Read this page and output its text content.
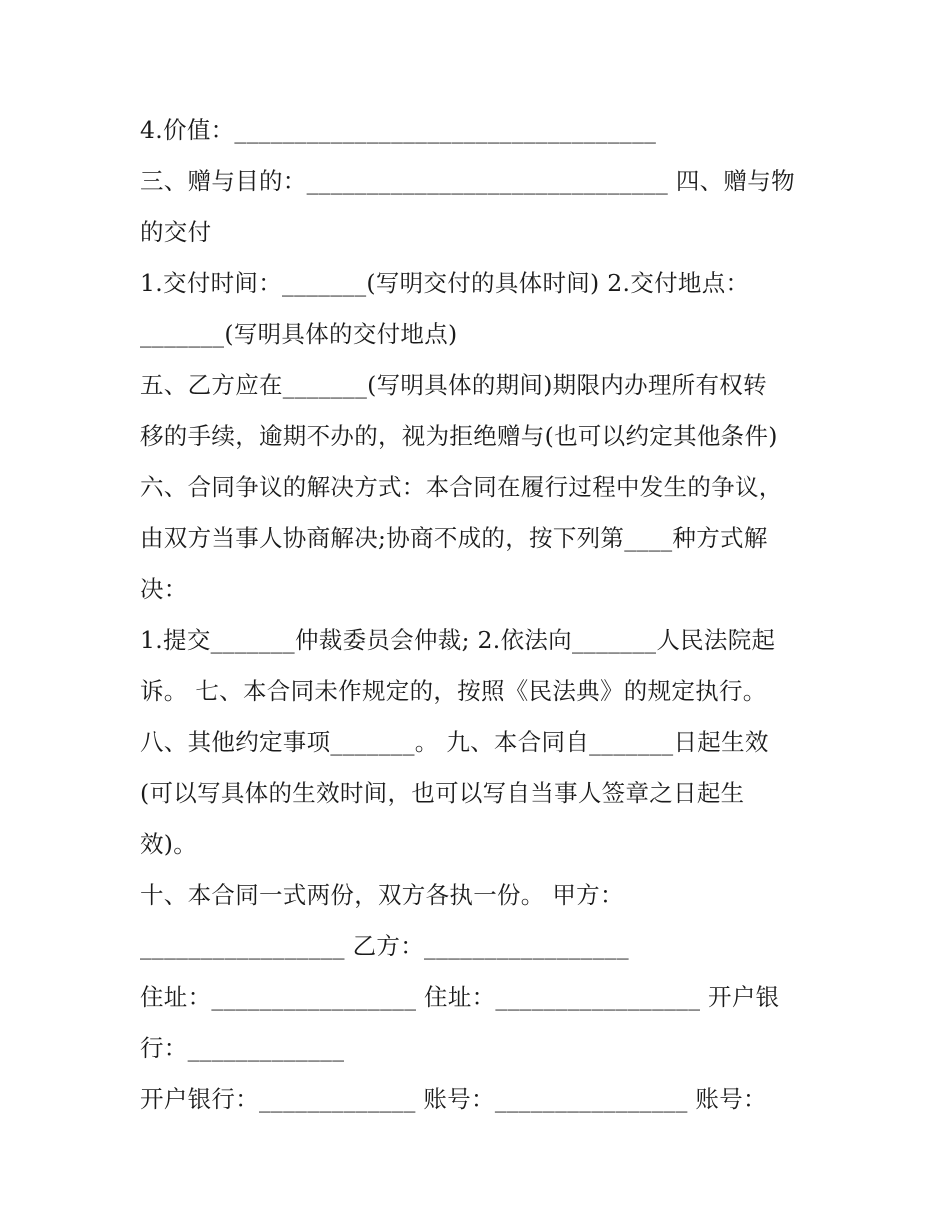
4.价值：___________________________________
三、赠与目的：______________________________ 四、赠与物
的交付
1.交付时间：_______(写明交付的具体时间) 2.交付地点：
_______(写明具体的交付地点)
五、乙方应在_______(写明具体的期间)期限内办理所有权转
移的手续，逾期不办的，视为拒绝赠与(也可以约定其他条件)
六、合同争议的解决方式：本合同在履行过程中发生的争议，
由双方当事人协商解决;协商不成的，按下列第____种方式解
决：
1.提交_______仲裁委员会仲裁; 2.依法向_______人民法院起
诉。 七、本合同未作规定的，按照《民法典》的规定执行。
八、其他约定事项_______。 九、本合同自_______日起生效
(可以写具体的生效时间，也可以写自当事人签章之日起生
效)。
十、本合同一式两份，双方各执一份。 甲方：
_________________ 乙方：_________________
住址：_________________ 住址：_________________ 开户银
行：_____________
开户银行：_____________ 账号：________________ 账号：
